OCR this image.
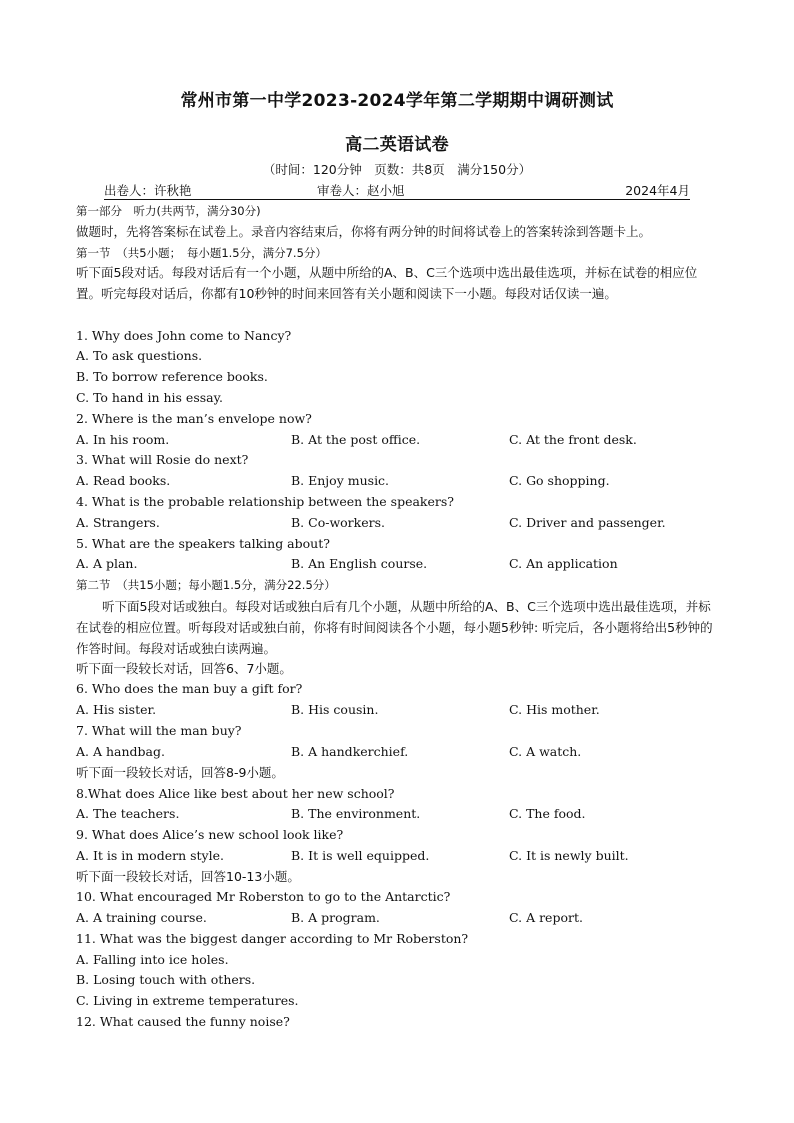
常州市第一中学2023-2024学年第二学期期中调研测试
高二英语试卷
（时间：120分钟　页数：共8页　满分150分）
出卷人：许秋艳	审卷人：赵小旭	2024年4月
第一部分　听力(共两节，满分30分)
做题时，先将答案标在试卷上。录音内容结束后，你将有两分钟的时间将试卷上的答案转涂到答题卡上。
第一节　（共5小题；　每小题1.5分，满分7.5分）
听下面5段对话。每段对话后有一个小题，从题中所给的A、B、C三个选项中选出最佳选项，并标在试卷的相应位置。听完每段对话后，你都有10秒钟的时间来回答有关小题和阅读下一小题。每段对话仅读一遍。
1. Why does John come to Nancy?
A. To ask questions.
B. To borrow reference books.
C. To hand in his essay.
2. Where is the man’s envelope now?
A. In his room.	B. At the post office.	C. At the front desk.
3. What will Rosie do next?
A. Read books.	B. Enjoy music.	C. Go shopping.
4. What is the probable relationship between the speakers?
A. Strangers.	B. Co-workers.	C. Driver and passenger.
5. What are the speakers talking about?
A. A plan.	B. An English course.	C. An application
第二节　（共15小题；每小题1.5分，满分22.5分）
听下面5段对话或独白。每段对话或独白后有几个小题，从题中所给的A、B、C三个选项中选出最佳选项，并标在试卷的相应位置。听每段对话或独白前，你将有时间阅读各个小题，每小题5秒钟: 听完后，各小题将给出5秒钟的作答时间。每段对话或独白读两遍。
听下面一段较长对话，回答6、7小题。
6. Who does the man buy a gift for?
A. His sister.	B. His cousin.	C. His mother.
7. What will the man buy?
A. A handbag.	B. A handkerchief.	C. A watch.
听下面一段较长对话，回答8-9小题。
8.What does Alice like best about her new school?
A. The teachers.	B. The environment.	C. The food.
9. What does Alice’s new school look like?
A. It is in modern style.	B. It is well equipped.	C. It is newly built.
听下面一段较长对话，回答10-13小题。
10. What encouraged Mr Roberston to go to the Antarctic?
A. A training course.	B. A program.	C. A report.
11. What was the biggest danger according to Mr Roberston?
A. Falling into ice holes.
B. Losing touch with others.
C. Living in extreme temperatures.
12. What caused the funny noise?
